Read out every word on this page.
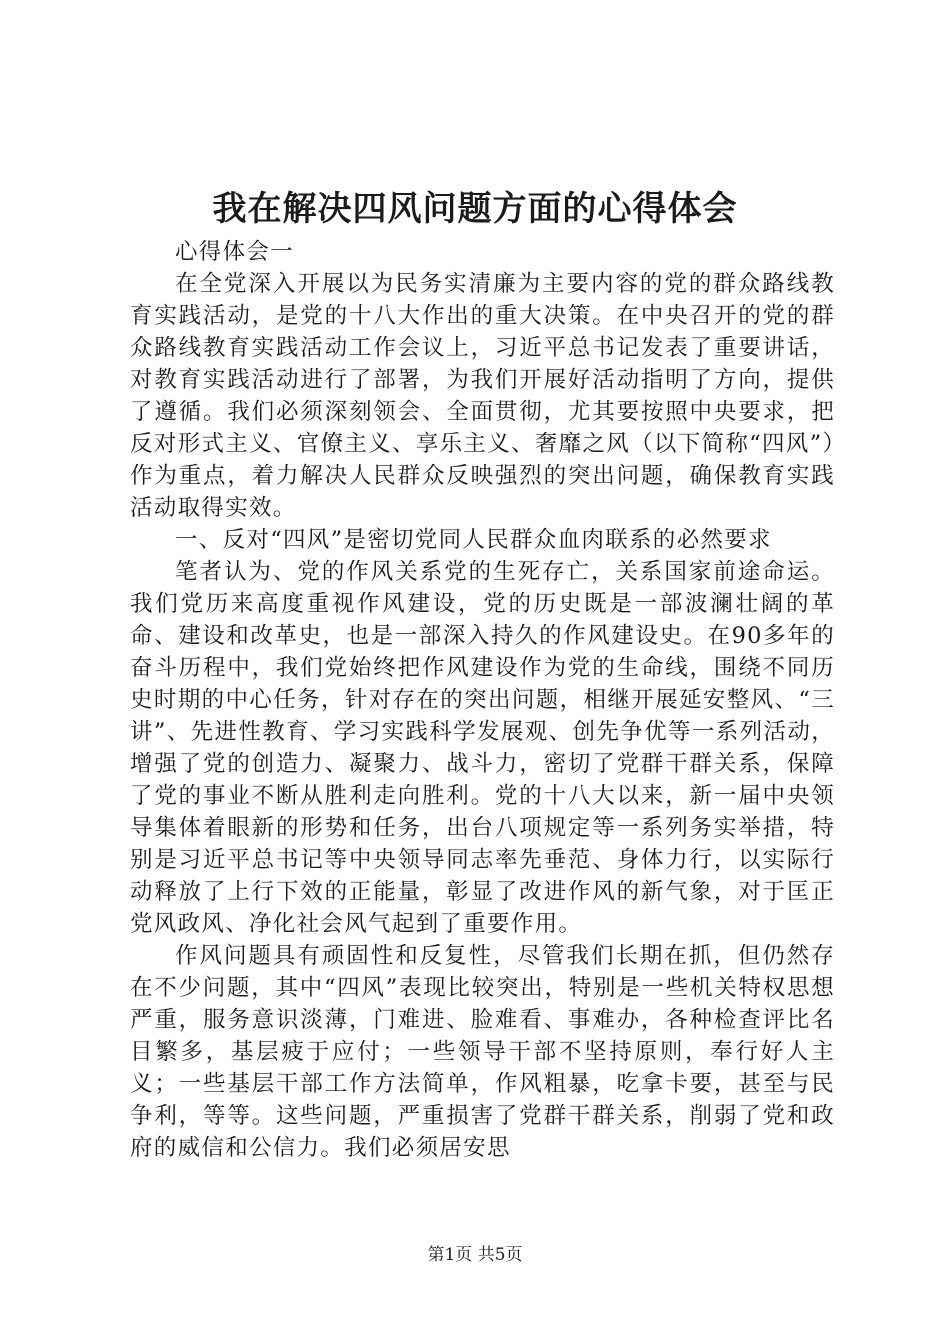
我在解决四风问题方面的心得体会

心得体会一

在全党深入开展以为民务实清廉为主要内容的党的群众路线教育实践活动，是党的十八大作出的重大决策。在中央召开的党的群众路线教育实践活动工作会议上，习近平总书记发表了重要讲话，对教育实践活动进行了部署，为我们开展好活动指明了方向，提供了遵循。我们必须深刻领会、全面贯彻，尤其要按照中央要求，把反对形式主义、官僚主义、享乐主义、奢靡之风（以下简称“四风”）作为重点，着力解决人民群众反映强烈的突出问题，确保教育实践活动取得实效。

一、反对“四风”是密切党同人民群众血肉联系的必然要求

笔者认为、党的作风关系党的生死存亡，关系国家前途命运。我们党历来高度重视作风建设，党的历史既是一部波澜壮阔的革命、建设和改革史，也是一部深入持久的作风建设史。在90多年的奋斗历程中，我们党始终把作风建设作为党的生命线，围绕不同历史时期的中心任务，针对存在的突出问题，相继开展延安整风、“三讲”、先进性教育、学习实践科学发展观、创先争优等一系列活动，增强了党的创造力、凝聚力、战斗力，密切了党群干群关系，保障了党的事业不断从胜利走向胜利。党的十八大以来，新一届中央领导集体着眼新的形势和任务，出台八项规定等一系列务实举措，特别是习近平总书记等中央领导同志率先垂范、身体力行，以实际行动释放了上行下效的正能量，彰显了改进作风的新气象，对于匡正党风政风、净化社会风气起到了重要作用。

作风问题具有顽固性和反复性，尽管我们长期在抓，但仍然存在不少问题，其中“四风”表现比较突出，特别是一些机关特权思想严重，服务意识淡薄，门难进、脸难看、事难办，各种检查评比名目繁多，基层疲于应付；一些领导干部不坚持原则，奉行好人主义；一些基层干部工作方法简单，作风粗暴，吃拿卡要，甚至与民争利，等等。这些问题，严重损害了党群干群关系，削弱了党和政府的威信和公信力。我们必须居安思

第1页 共5页
